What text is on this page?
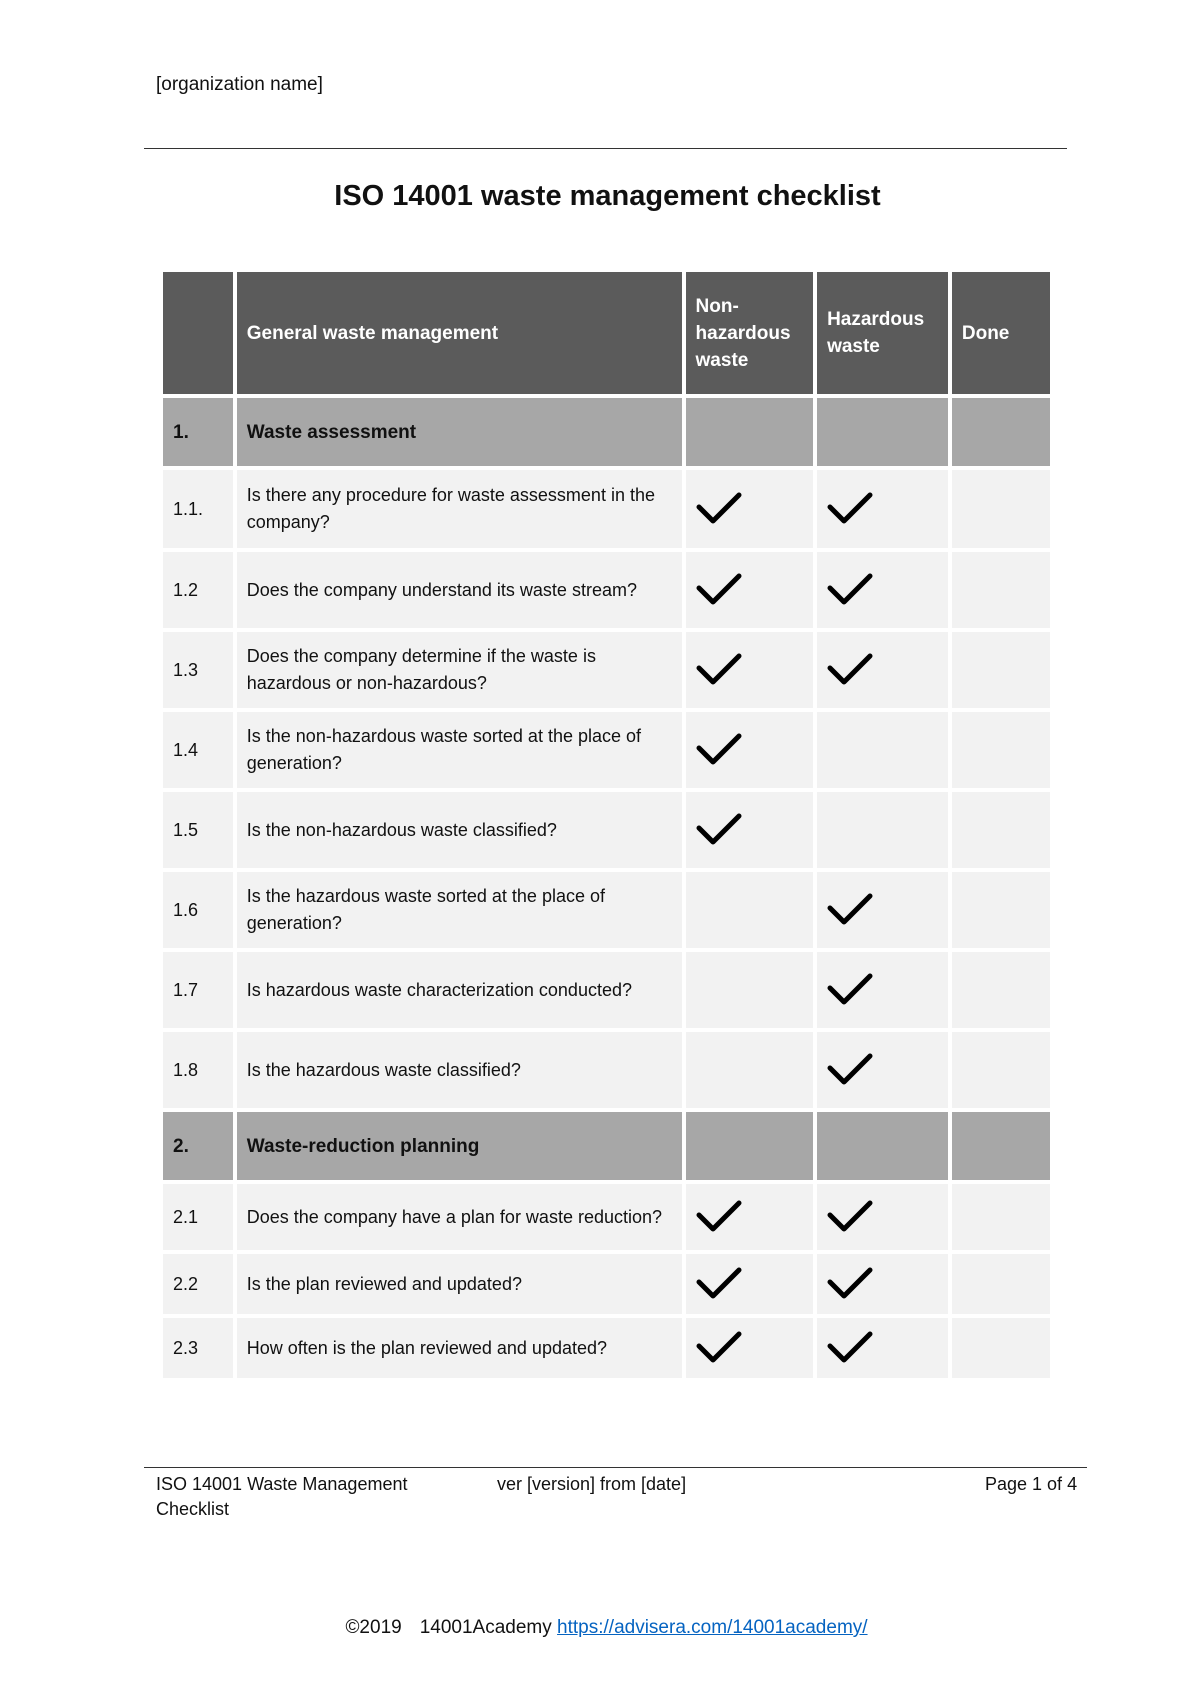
[organization name]
ISO 14001 waste management checklist
	General waste management	Non-hazardous waste	Hazardous waste	Done
1.	Waste assessment			
1.1.	Is there any procedure for waste assessment in the company?			
1.2	Does the company understand its waste stream?			
1.3	Does the company determine if the waste is hazardous or non-hazardous?			
1.4	Is the non-hazardous waste sorted at the place of generation?			
1.5	Is the non-hazardous waste classified?			
1.6	Is the hazardous waste sorted at the place of generation?			
1.7	Is hazardous waste characterization conducted?			
1.8	Is the hazardous waste classified?			
2.	Waste-reduction planning			
2.1	Does the company have a plan for waste reduction?			
2.2	Is the plan reviewed and updated?			
2.3	How often is the plan reviewed and updated?			
ISO 14001 Waste Management Checklist
ver [version] from [date]	Page 1 of 4
©2019 14001Academy https://advisera.com/14001academy/
